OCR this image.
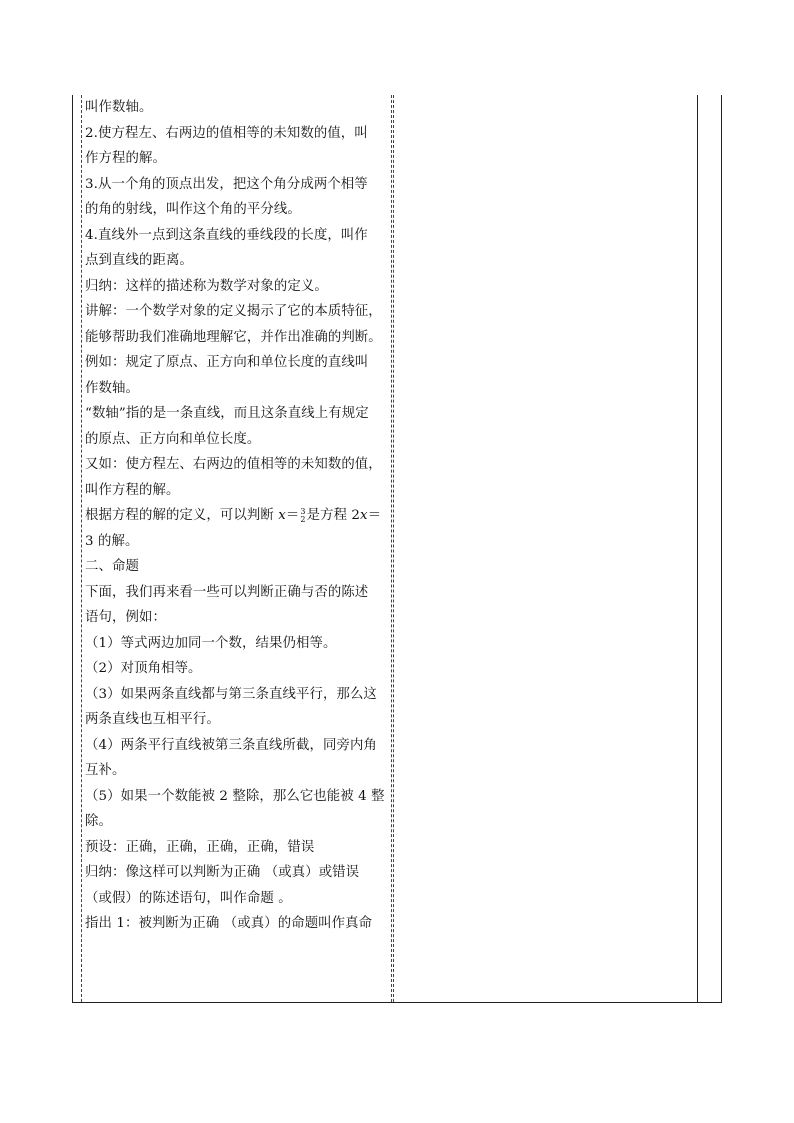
叫作数轴。
2.使方程左、右两边的值相等的未知数的值，叫
作方程的解。
3.从一个角的顶点出发，把这个角分成两个相等
的角的射线，叫作这个角的平分线。
4.直线外一点到这条直线的垂线段的长度，叫作
点到直线的距离。
归纳：这样的描述称为数学对象的定义。
讲解：一个数学对象的定义揭示了它的本质特征，
能够帮助我们准确地理解它，并作出准确的判断。
例如：规定了原点、正方向和单位长度的直线叫
作数轴。
“数轴”指的是一条直线，而且这条直线上有规定
的原点、正方向和单位长度。
又如：使方程左、右两边的值相等的未知数的值，
叫作方程的解。
根据方程的解的定义，可以判断 x＝ 3
2 是方程 2x＝
3 的解。
二、命题
下面，我们再来看一些可以判断正确与否的陈述
语句，例如：
（1）等式两边加同一个数，结果仍相等。
（2）对顶角相等。
（3）如果两条直线都与第三条直线平行，那么这
两条直线也互相平行。
（4）两条平行直线被第三条直线所截，同旁内角
互补。
（5）如果一个数能被 2 整除，那么它也能被 4 整
除。
预设：正确，正确，正确，正确，错误
归纳：像这样可以判断为正确 （或真）或错误
（或假）的陈述语句，叫作命题 。
指出 1：被判断为正确 （或真）的命题叫作真命
